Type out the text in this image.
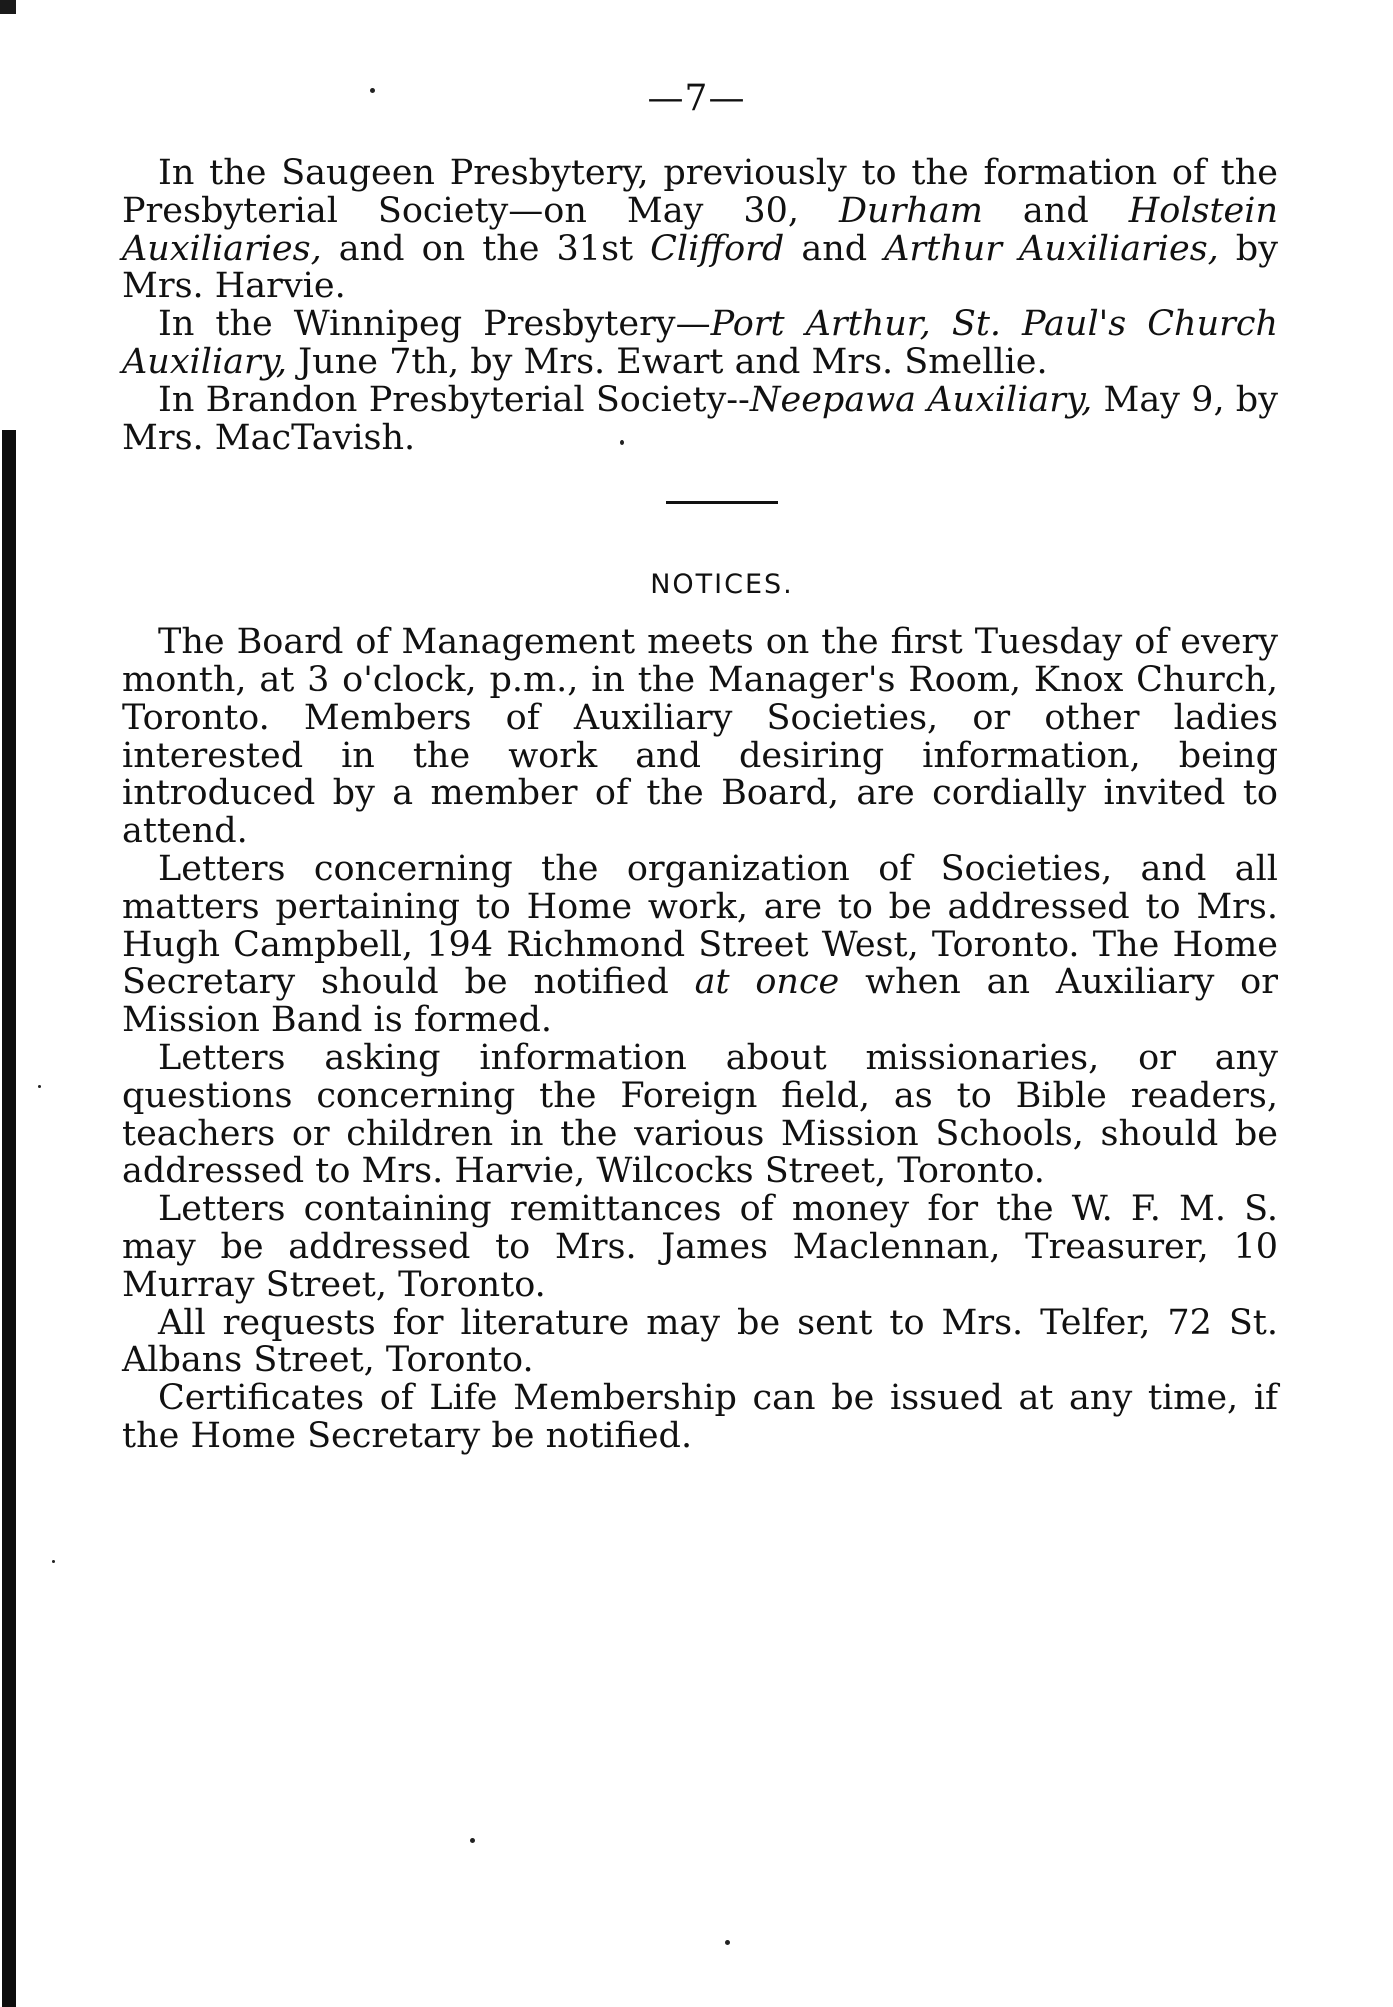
—7—

In the Saugeen Presbytery, previously to the formation of the Presbyterial Society—on May 30, Durham and Holstein Auxiliaries, and on the 31st Clifford and Arthur Auxiliaries, by Mrs. Harvie.

In the Winnipeg Presbytery—Port Arthur, St. Paul's Church Auxiliary, June 7th, by Mrs. Ewart and Mrs. Smellie.

In Brandon Presbyterial Society--Neepawa Auxiliary, May 9, by Mrs. MacTavish.

NOTICES.

The Board of Management meets on the first Tuesday of every month, at 3 o'clock, p.m., in the Manager's Room, Knox Church, Toronto. Members of Auxiliary Societies, or other ladies interested in the work and desiring information, being introduced by a member of the Board, are cordially invited to attend.

Letters concerning the organization of Societies, and all matters pertaining to Home work, are to be addressed to Mrs. Hugh Campbell, 194 Richmond Street West, Toronto. The Home Secretary should be notified at once when an Auxiliary or Mission Band is formed.

Letters asking information about missionaries, or any questions concerning the Foreign field, as to Bible readers, teachers or children in the various Mission Schools, should be addressed to Mrs. Harvie, Wilcocks Street, Toronto.

Letters containing remittances of money for the W. F. M. S. may be addressed to Mrs. James Maclennan, Treasurer, 10 Murray Street, Toronto.

All requests for literature may be sent to Mrs. Telfer, 72 St. Albans Street, Toronto.

Certificates of Life Membership can be issued at any time, if the Home Secretary be notified.
